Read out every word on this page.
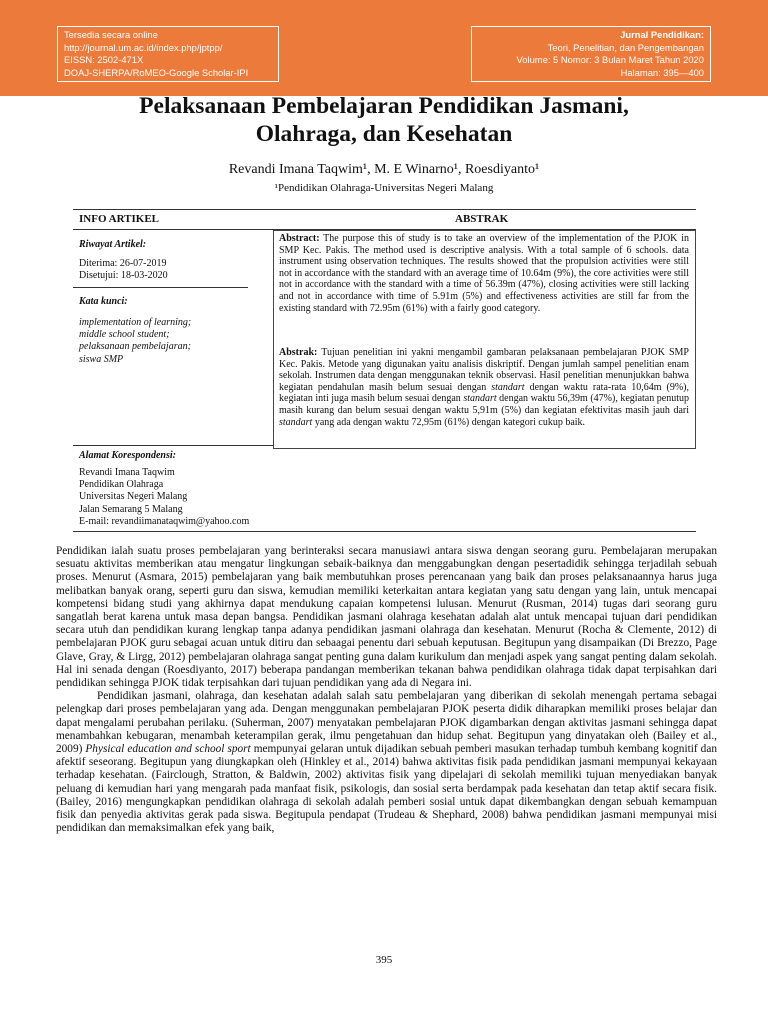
Tersedia secara online
http://journal.um.ac.id/index.php/jptpp/
EISSN: 2502-471X
DOAJ-SHERPA/RoMEO-Google Scholar-IPI
Jurnal Pendidikan:
Teori, Penelitian, dan Pengembangan
Volume: 5 Nomor: 3 Bulan Maret Tahun 2020
Halaman: 395—400
Pelaksanaan Pembelajaran Pendidikan Jasmani,
Olahraga, dan Kesehatan
Revandi Imana Taqwim¹, M. E Winarno¹, Roesdiyanto¹
¹Pendidikan Olahraga-Universitas Negeri Malang
INFO ARTIKEL	ABSTRAK
Riwayat Artikel:
Diterima: 26-07-2019
Disetujui: 18-03-2020
Kata kunci:
implementation of learning;
middle school student;
pelaksanaan pembelajaran;
siswa SMP
Abstract: The purpose this of study is to take an overview of the implementation of the PJOK in SMP Kec. Pakis. The method used is descriptive analysis. With a total sample of 6 schools. data instrument using observation techniques. The results showed that the propulsion activities were still not in accordance with the standard with an average time of 10.64m (9%), the core activities were still not in accordance with the standard with a time of 56.39m (47%), closing activities were still lacking and not in accordance with time of 5.91m (5%) and effectiveness activities are still far from the existing standard with 72.95m (61%) with a fairly good category.
Abstrak: Tujuan penelitian ini yakni mengambil gambaran pelaksanaan pembelajaran PJOK SMP Kec. Pakis. Metode yang digunakan yaitu analisis diskriptif. Dengan jumlah sampel penelitian enam sekolah. Instrumen data dengan menggunakan teknik observasi. Hasil penelitian menunjukkan bahwa kegiatan pendahulan masih belum sesuai dengan standart dengan waktu rata-rata 10,64m (9%), kegiatan inti juga masih belum sesuai dengan standart dengan waktu 56,39m (47%), kegiatan penutup masih kurang dan belum sesuai dengan waktu 5,91m (5%) dan kegiatan efektivitas masih jauh dari standart yang ada dengan waktu 72,95m (61%) dengan kategori cukup baik.
Alamat Korespondensi:
Revandi Imana Taqwim
Pendidikan Olahraga
Universitas Negeri Malang
Jalan Semarang 5 Malang
E-mail: revandiimanataqwim@yahoo.com

Pendidikan ialah suatu proses pembelajaran yang berinteraksi secara manusiawi antara siswa dengan seorang guru. Pembelajaran merupakan sesuatu aktivitas memberikan atau mengatur lingkungan sebaik-baiknya dan menggabungkan dengan pesertadidik sehingga terjadilah sebuah proses. Menurut (Asmara, 2015) pembelajaran yang baik membutuhkan proses perencanaan yang baik dan proses pelaksanaannya harus juga melibatkan banyak orang, seperti guru dan siswa, kemudian memiliki keterkaitan antara kegiatan yang satu dengan yang lain, untuk mencapai kompetensi bidang studi yang akhirnya dapat mendukung capaian kompetensi lulusan. Menurut (Rusman, 2014) tugas dari seorang guru sangatlah berat karena untuk masa depan bangsa. Pendidikan jasmani olahraga kesehatan adalah alat untuk mencapai tujuan dari pendidikan secara utuh dan pendidikan kurang lengkap tanpa adanya pendidikan jasmani olahraga dan kesehatan. Menurut (Rocha & Clemente, 2012) di pembelajaran PJOK guru sebagai acuan untuk ditiru dan sebaagai penentu dari sebuah keputusan. Begitupun yang disampaikan (Di Brezzo, Page Glave, Gray, & Lirgg, 2012) pembelajaran olahraga sangat penting guna dalam kurikulum dan menjadi aspek yang sangat penting dalam sekolah. Hal ini senada dengan (Roesdiyanto, 2017) beberapa pandangan memberikan tekanan bahwa pendidikan olahraga tidak dapat terpisahkan dari pendidikan sehingga PJOK tidak terpisahkan dari tujuan pendidikan yang ada di Negara ini.

Pendidikan jasmani, olahraga, dan kesehatan adalah salah satu pembelajaran yang diberikan di sekolah menengah pertama sebagai pelengkap dari proses pembelajaran yang ada. Dengan menggunakan pembelajaran PJOK peserta didik diharapkan memiliki proses belajar dan dapat mengalami perubahan perilaku. (Suherman, 2007) menyatakan pembelajaran PJOK digambarkan dengan aktivitas jasmani sehingga dapat menambahkan kebugaran, menambah keterampilan gerak, ilmu pengetahuan dan hidup sehat. Begitupun yang dinyatakan oleh (Bailey et al., 2009) Physical education and school sport mempunyai gelaran untuk dijadikan sebuah pemberi masukan terhadap tumbuh kembang kognitif dan afektif seseorang. Begitupun yang diungkapkan oleh (Hinkley et al., 2014) bahwa aktivitas fisik pada pendidikan jasmani mempunyai kekayaan terhadap kesehatan. (Fairclough, Stratton, & Baldwin, 2002) aktivitas fisik yang dipelajari di sekolah memiliki tujuan menyediakan banyak peluang di kemudian hari yang mengarah pada manfaat fisik, psikologis, dan sosial serta berdampak pada kesehatan dan tetap aktif secara fisik. (Bailey, 2016) mengungkapkan pendidikan olahraga di sekolah adalah pemberi sosial untuk dapat dikembangkan dengan sebuah kemampuan fisik dan penyedia aktivitas gerak pada siswa. Begitupula pendapat (Trudeau & Shephard, 2008) bahwa pendidikan jasmani mempunyai misi pendidikan dan memaksimalkan efek yang baik,

395
